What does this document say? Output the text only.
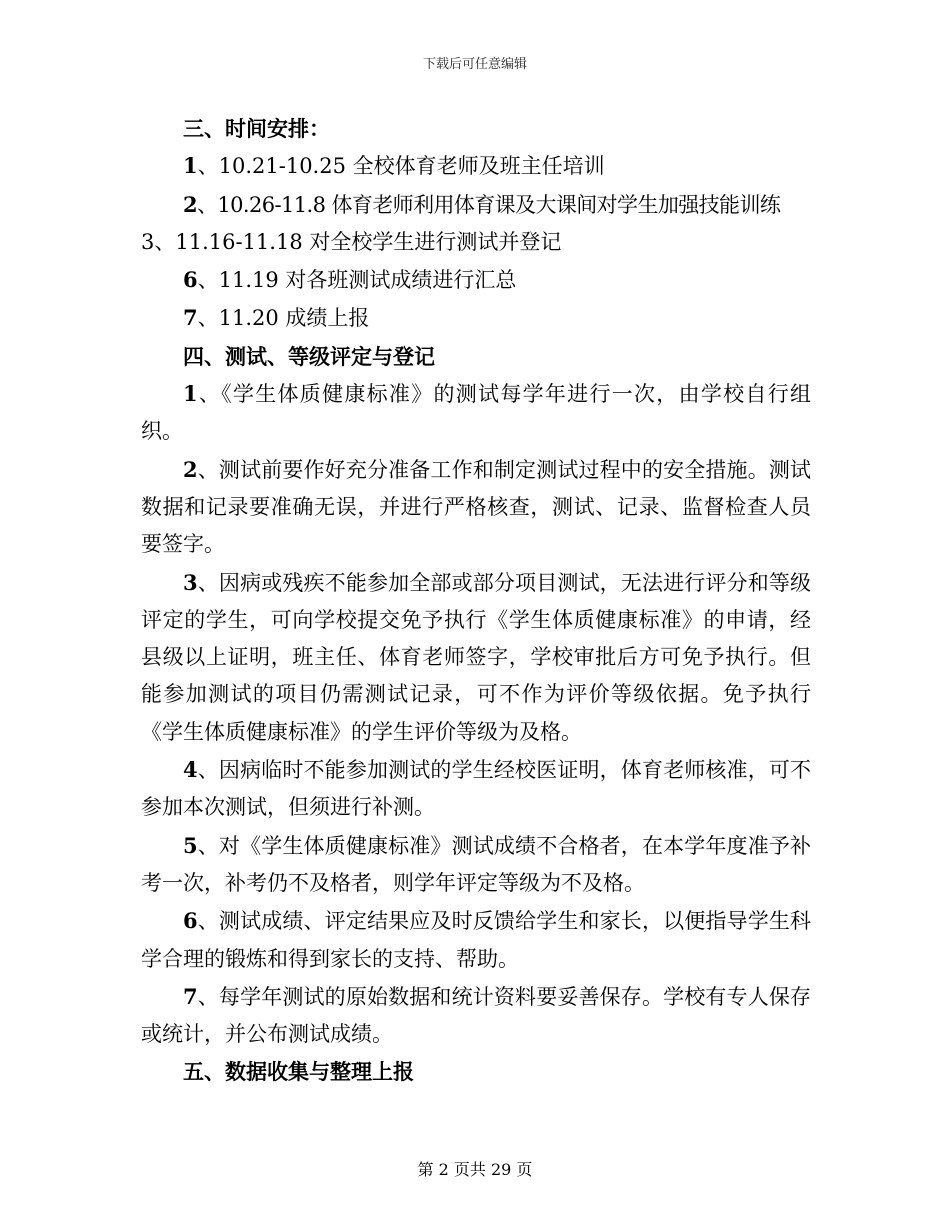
下载后可任意编辑

三、时间安排：

1、10.21-10.25 全校体育老师及班主任培训

2、10.26-11.8 体育老师利用体育课及大课间对学生加强技能训练

3、11.16-11.18 对全校学生进行测试并登记

6、11.19 对各班测试成绩进行汇总

7、11.20 成绩上报

四、测试、等级评定与登记

1、《学生体质健康标准》的测试每学年进行一次，由学校自行组织。

2、测试前要作好充分准备工作和制定测试过程中的安全措施。测试数据和记录要准确无误，并进行严格核查，测试、记录、监督检查人员要签字。

3、因病或残疾不能参加全部或部分项目测试，无法进行评分和等级评定的学生，可向学校提交免予执行《学生体质健康标准》的申请，经县级以上证明，班主任、体育老师签字，学校审批后方可免予执行。但能参加测试的项目仍需测试记录，可不作为评价等级依据。免予执行《学生体质健康标准》的学生评价等级为及格。

4、因病临时不能参加测试的学生经校医证明，体育老师核准，可不参加本次测试，但须进行补测。

5、对《学生体质健康标准》测试成绩不合格者，在本学年度准予补考一次，补考仍不及格者，则学年评定等级为不及格。

6、测试成绩、评定结果应及时反馈给学生和家长，以便指导学生科学合理的锻炼和得到家长的支持、帮助。

7、每学年测试的原始数据和统计资料要妥善保存。学校有专人保存或统计，并公布测试成绩。

五、数据收集与整理上报

第 2 页共 29 页
